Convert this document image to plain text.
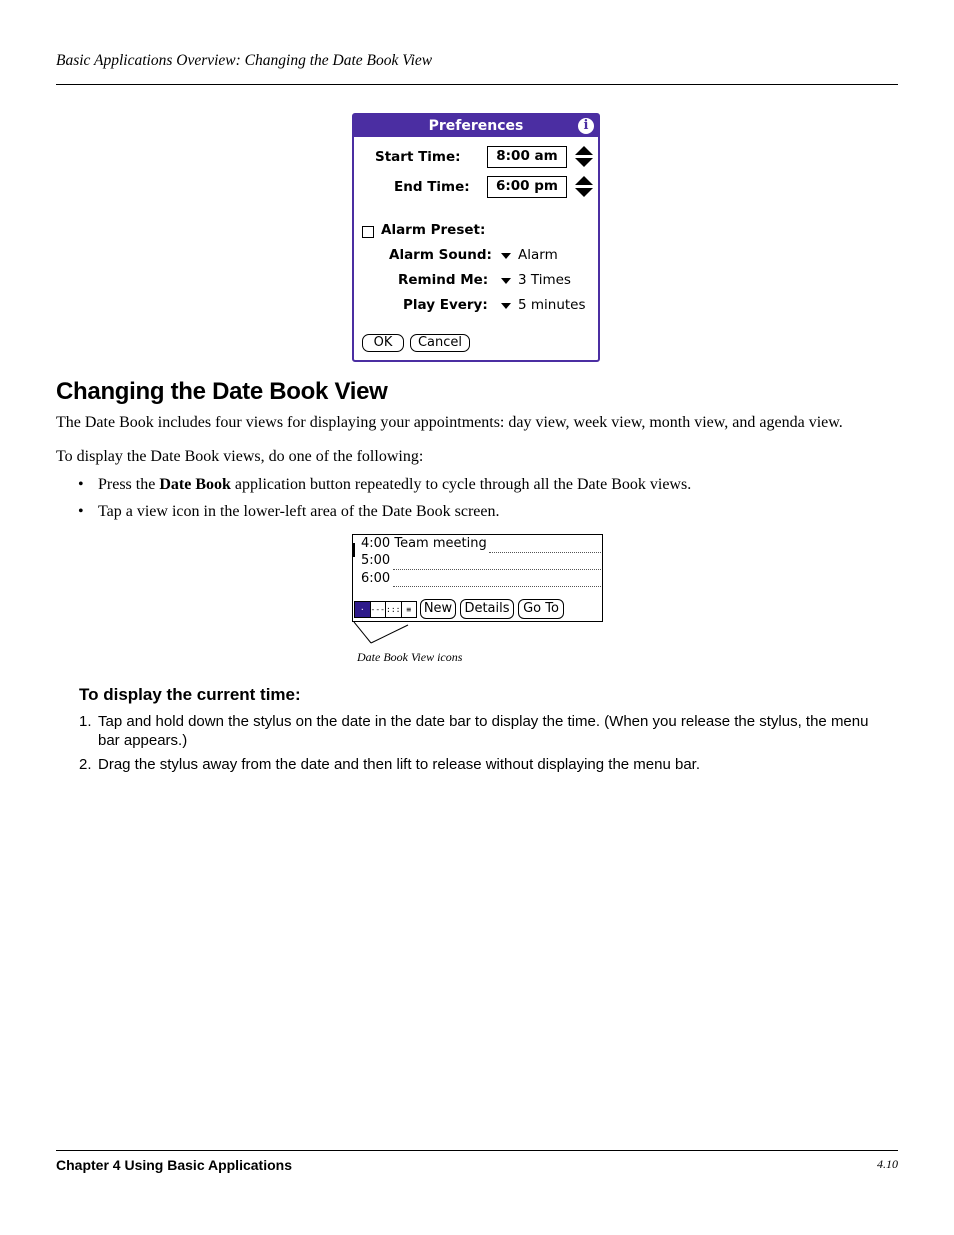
Basic Applications Overview: Changing the Date Book View
Preferences	i
Start Time:	8:00 am
End Time:	6:00 pm
Alarm Preset:
Alarm Sound: Alarm
Remind Me: 3 Times
Play Every: 5 minutes
OK	Cancel
Changing the Date Book View
The Date Book includes four views for displaying your appointments: day view, week view, month view, and agenda view.
To display the Date Book views, do one of the following:
• Press the Date Book application button repeatedly to cycle through all the Date Book views.
• Tap a view icon in the lower-left area of the Date Book screen.
4:00 Team meeting
5:00
6:00
· --- ::: ≡ New Details	Go To
Date Book View icons
To display the current time:
1. Tap and hold down the stylus on the date in the date bar to display the time. (When you release the stylus, the menu bar appears.)
2. Drag the stylus away from the date and then lift to release without displaying the menu bar.
Chapter 4 Using Basic Applications	4.10
